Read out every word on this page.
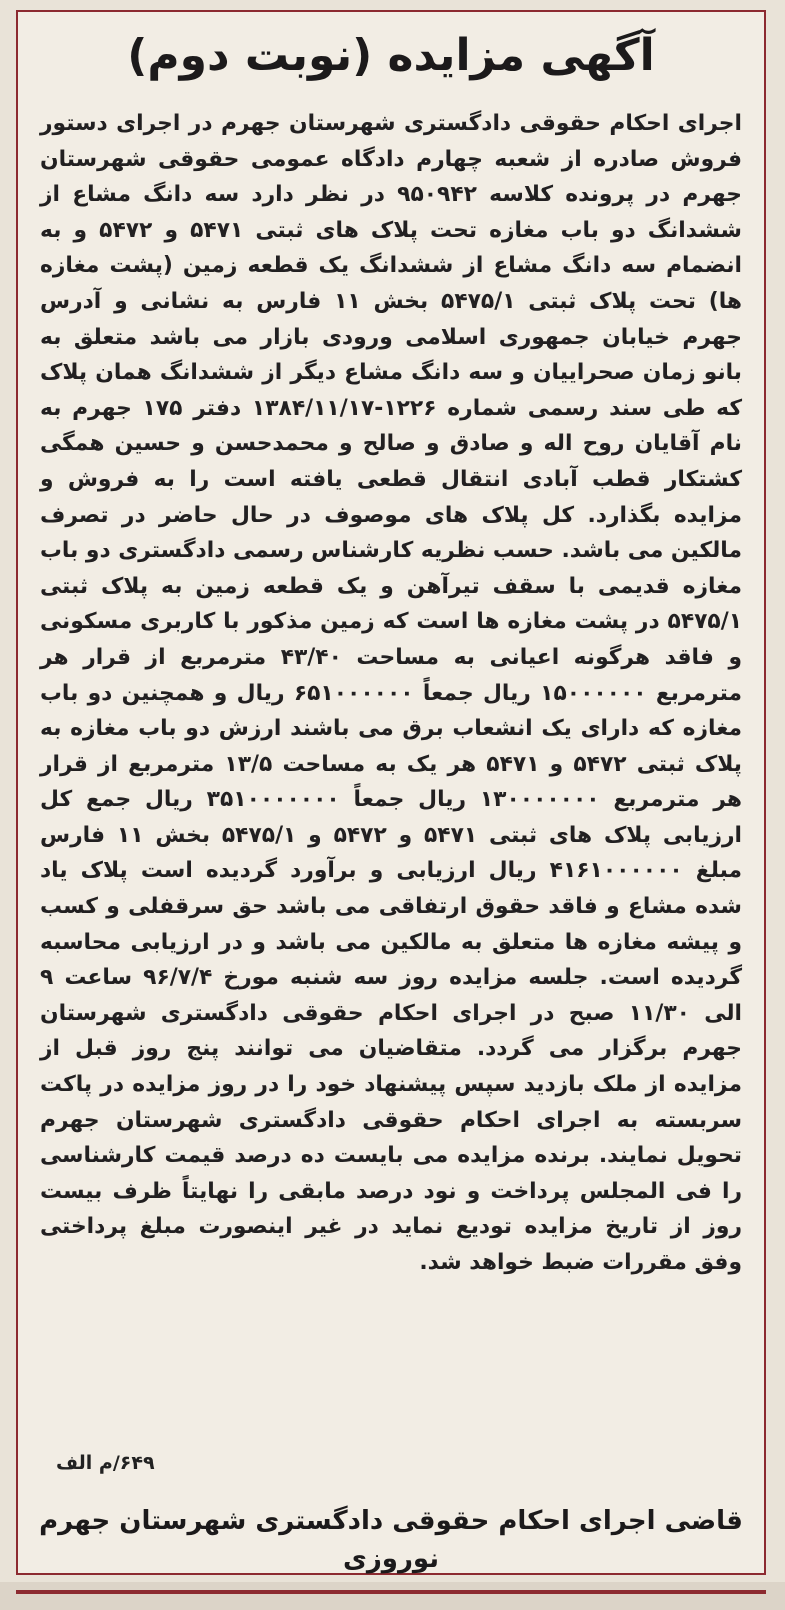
آگهی مزایده (نوبت دوم)
اجرای احکام حقوقی دادگستری شهرستان جهرم در اجرای دستور فروش صادره از شعبه چهارم دادگاه عمومی حقوقی شهرستان جهرم در پرونده کلاسه ۹۵۰۹۴۲ در نظر دارد سه دانگ مشاع از ششدانگ دو باب مغازه تحت پلاک های ثبتی ۵۴۷۱ و ۵۴۷۲ و به انضمام سه دانگ مشاع از ششدانگ یک قطعه زمین (پشت مغازه ها) تحت پلاک ثبتی ۵۴۷۵/۱ بخش ۱۱ فارس به نشانی و آدرس جهرم خیابان جمهوری اسلامی ورودی بازار می باشد متعلق به بانو زمان صحرایيان و سه دانگ مشاع دیگر از ششدانگ همان پلاک که طی سند رسمی شماره ۱۲۲۶-۱۳۸۴/۱۱/۱۷ دفتر ۱۷۵ جهرم به نام آقایان روح اله و صادق و صالح و محمدحسن و حسین همگی کشتکار قطب آبادی انتقال قطعی یافته است را به فروش و مزایده بگذارد. کل پلاک های موصوف در حال حاضر در تصرف مالکین می باشد. حسب نظریه کارشناس رسمی دادگستری دو باب مغازه قدیمی با سقف تیرآهن و یک قطعه زمین به پلاک ثبتی ۵۴۷۵/۱ در پشت مغازه ها است که زمین مذکور با کاربری مسکونی و فاقد هرگونه اعیانی به مساحت ۴۳/۴۰ مترمربع از قرار هر مترمربع ۱۵۰۰۰۰۰۰ ریال جمعاً ۶۵۱۰۰۰۰۰۰ ریال و همچنین دو باب مغازه که دارای یک انشعاب برق می باشند ارزش دو باب مغازه به پلاک ثبتی ۵۴۷۲ و ۵۴۷۱ هر یک به مساحت ۱۳/۵ مترمربع از قرار هر مترمربع ۱۳۰۰۰۰۰۰۰ ریال جمعاً ۳۵۱۰۰۰۰۰۰۰ ریال جمع کل ارزیابی پلاک های ثبتی ۵۴۷۱ و ۵۴۷۲ و ۵۴۷۵/۱ بخش ۱۱ فارس مبلغ ۴۱۶۱۰۰۰۰۰۰ ریال ارزیابی و برآورد گردیده است پلاک یاد شده مشاع و فاقد حقوق ارتفاقی می باشد حق سرقفلی و کسب و پیشه مغازه ها متعلق به مالکین می باشد و در ارزیابی محاسبه گردیده است. جلسه مزایده روز سه شنبه مورخ ۹۶/۷/۴ ساعت ۹ الی ۱۱/۳۰ صبح در اجرای احکام حقوقی دادگستری شهرستان جهرم برگزار می گردد. متقاضیان می توانند پنج روز قبل از مزایده از ملک بازدید سپس پیشنهاد خود را در روز مزایده در پاکت سربسته به اجرای احکام حقوقی دادگستری شهرستان جهرم تحویل نمایند. برنده مزایده می بایست ده درصد قیمت کارشناسی را فی المجلس پرداخت و نود درصد مابقی را نهایتاً ظرف بیست روز از تاریخ مزایده تودیع نماید در غیر اینصورت مبلغ پرداختی وفق مقررات ضبط خواهد شد.
۶۴۹/م الف
قاضی اجرای احکام حقوقی دادگستری شهرستان جهرم
نوروزی
